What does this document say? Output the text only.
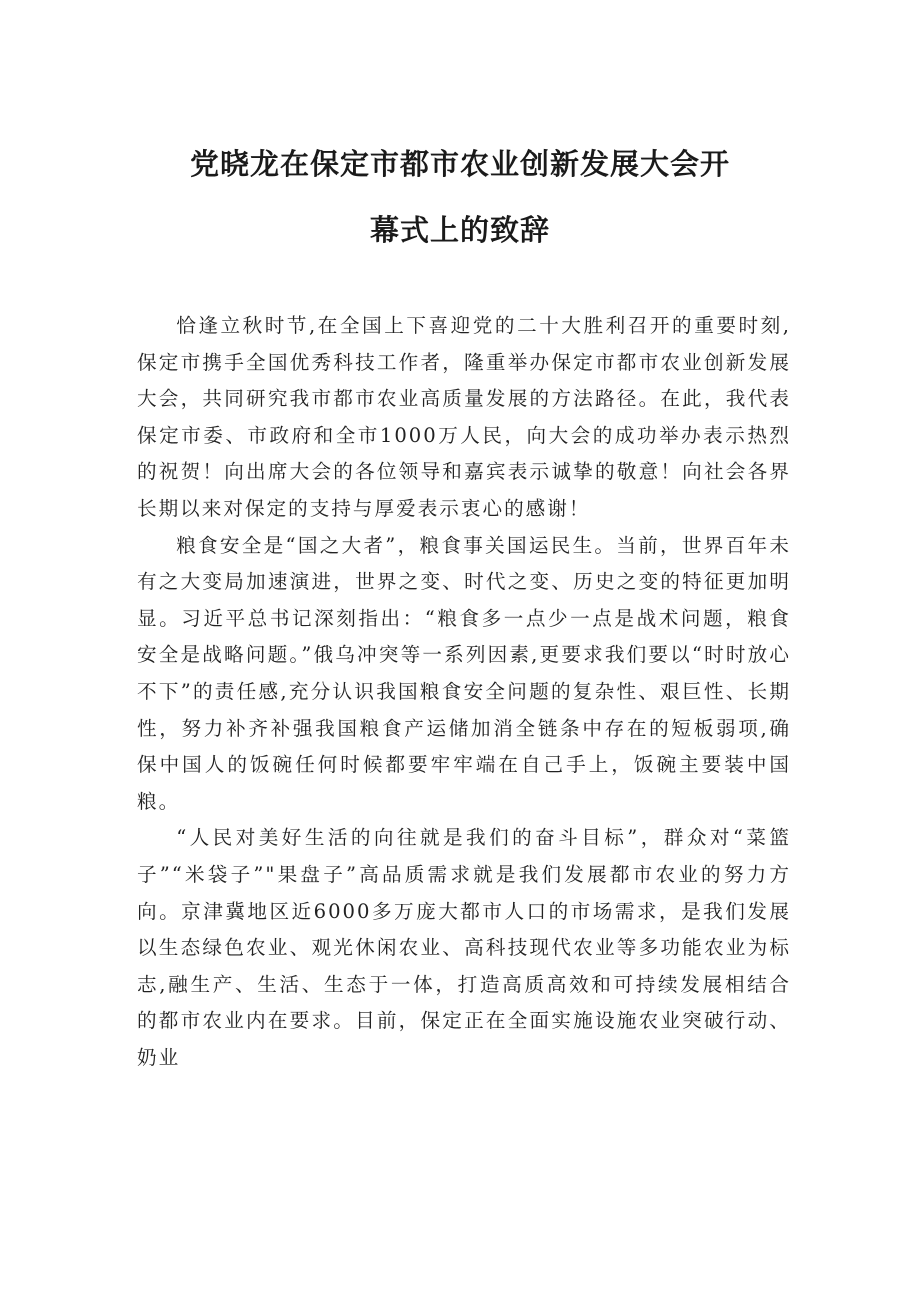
党晓龙在保定市都市农业创新发展大会开
幕式上的致辞

恰逢立秋时节,在全国上下喜迎党的二十大胜利召开的重要时刻,保定市携手全国优秀科技工作者，隆重举办保定市都市农业创新发展大会，共同研究我市都市农业高质量发展的方法路径。在此，我代表保定市委、市政府和全市1000万人民，向大会的成功举办表示热烈的祝贺！向出席大会的各位领导和嘉宾表示诚挚的敬意！向社会各界长期以来对保定的支持与厚爱表示衷心的感谢！

粮食安全是“国之大者”，粮食事关国运民生。当前，世界百年未有之大变局加速演进，世界之变、时代之变、历史之变的特征更加明显。习近平总书记深刻指出：“粮食多一点少一点是战术问题，粮食安全是战略问题。”俄乌冲突等一系列因素,更要求我们要以“时时放心不下”的责任感,充分认识我国粮食安全问题的复杂性、艰巨性、长期性，努力补齐补强我国粮食产运储加消全链条中存在的短板弱项,确保中国人的饭碗任何时候都要牢牢端在自己手上，饭碗主要装中国粮。

“人民对美好生活的向往就是我们的奋斗目标”，群众对“菜篮子”“米袋子”"果盘子”高品质需求就是我们发展都市农业的努力方向。京津冀地区近6000多万庞大都市人口的市场需求，是我们发展以生态绿色农业、观光休闲农业、高科技现代农业等多功能农业为标志,融生产、生活、生态于一体，打造高质高效和可持续发展相结合的都市农业内在要求。目前，保定正在全面实施设施农业突破行动、奶业
